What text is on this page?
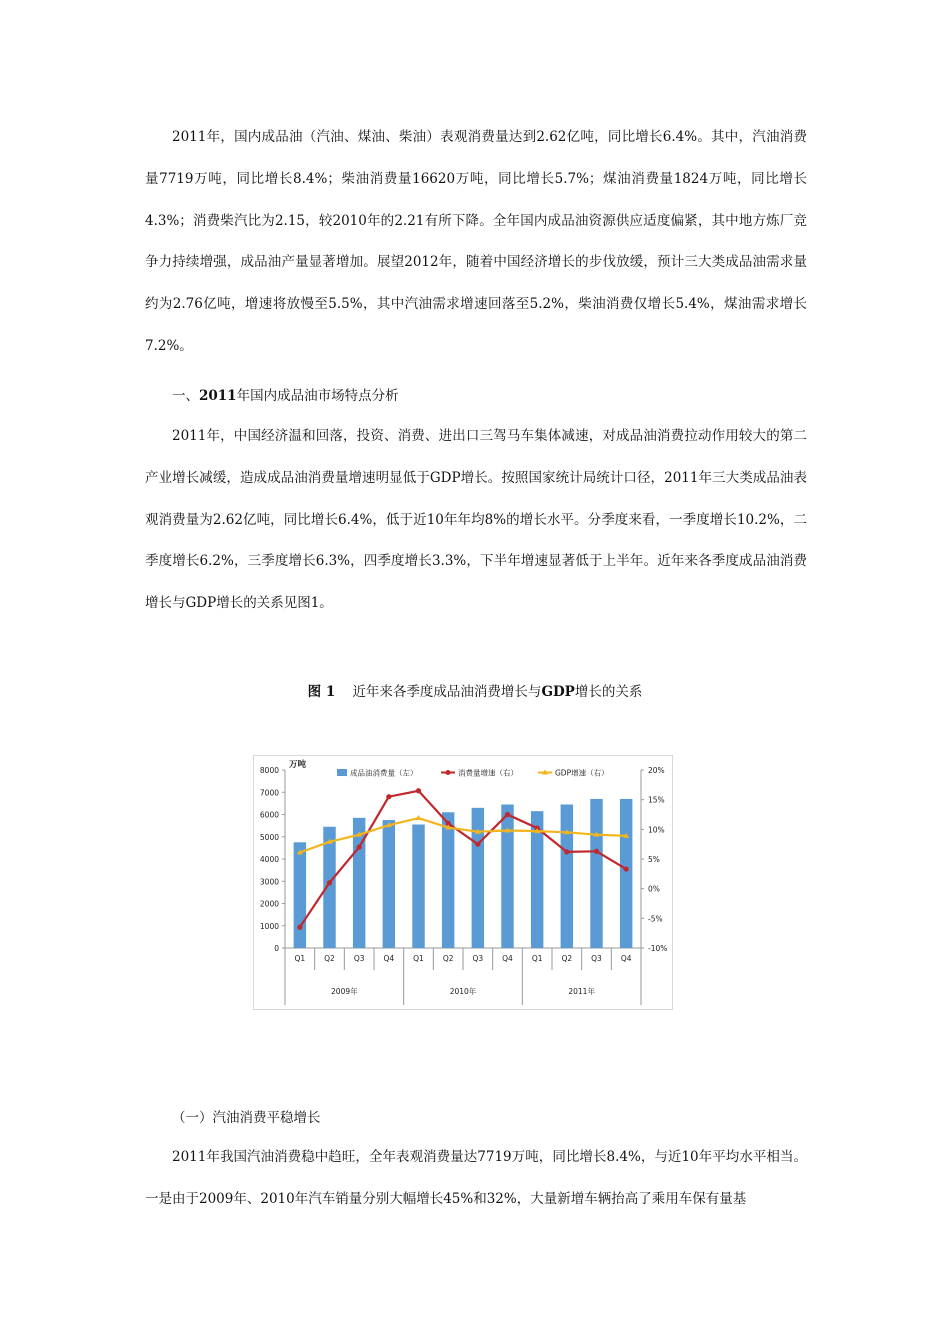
2011年，国内成品油（汽油、煤油、柴油）表观消费量达到2.62亿吨，同比增长6.4%。其中，汽油消费量7719万吨，同比增长8.4%；柴油消费量16620万吨，同比增长5.7%；煤油消费量1824万吨，同比增长4.3%；消费柴汽比为2.15，较2010年的2.21有所下降。全年国内成品油资源供应适度偏紧，其中地方炼厂竞争力持续增强，成品油产量显著增加。展望2012年，随着中国经济增长的步伐放缓，预计三大类成品油需求量约为2.76亿吨，增速将放慢至5.5%，其中汽油需求增速回落至5.2%，柴油消费仅增长5.4%，煤油需求增长7.2%。

一、2011年国内成品油市场特点分析

2011年，中国经济温和回落，投资、消费、进出口三驾马车集体减速，对成品油消费拉动作用较大的第二产业增长减缓，造成成品油消费量增速明显低于GDP增长。按照国家统计局统计口径，2011年三大类成品油表观消费量为2.62亿吨，同比增长6.4%，低于近10年年均8%的增长水平。分季度来看，一季度增长10.2%，二季度增长6.2%，三季度增长6.3%，四季度增长3.3%，下半年增速显著低于上半年。近年来各季度成品油消费增长与GDP增长的关系见图1。

图 1 近年来各季度成品油消费增长与GDP增长的关系

8000
7000
6000
5000
4000
3000
2000
1000
0
20%
15%
10%
5%
0%
-5%
-10%
万吨
Q1	Q2	Q3	Q4	Q1	Q2	Q3	Q4	Q1	Q2	Q3	Q4
2009年	2010年	2011年
成品油消费量（左）	消费量增速（右）	GDP增速（右）

（一）汽油消费平稳增长

2011年我国汽油消费稳中趋旺，全年表观消费量达7719万吨，同比增长8.4%，与近10年平均水平相当。一是由于2009年、2010年汽车销量分别大幅增长45%和32%，大量新增车辆抬高了乘用车保有量基
